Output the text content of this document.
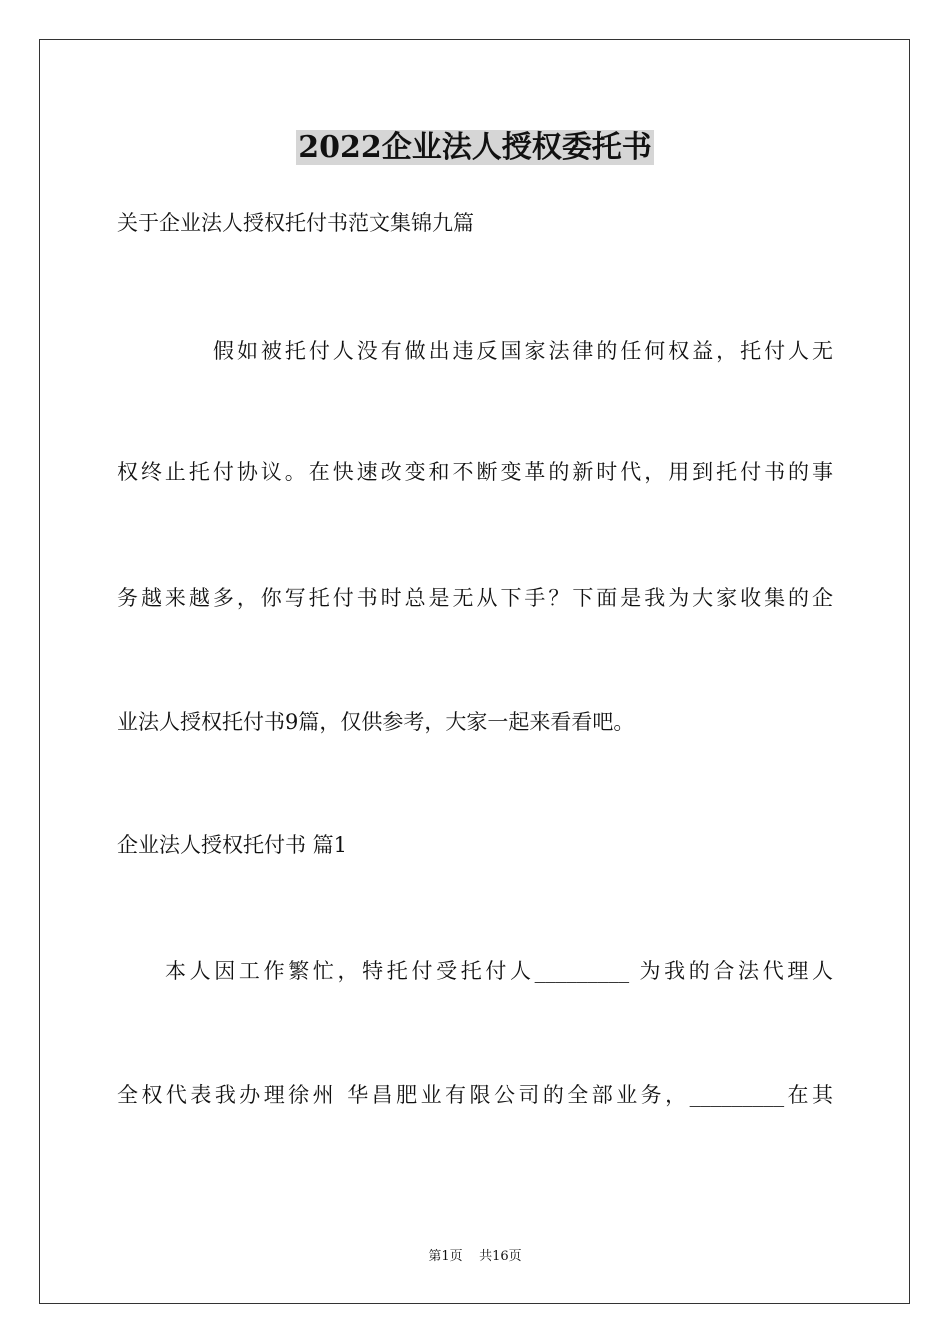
2022企业法人授权委托书
关于企业法人授权托付书范文集锦九篇
假如被托付人没有做出违反国家法律的任何权益，托付人无
权终止托付协议。在快速改变和不断变革的新时代，用到托付书的事
务越来越多，你写托付书时总是无从下手？下面是我为大家收集的企
业法人授权托付书9篇，仅供参考，大家一起来看看吧。
企业法人授权托付书 篇1
本人因工作繁忙，特托付受托付人_________ 为我的合法代理人
全权代表我办理徐州 华昌肥业有限公司的全部业务，_________在其
第1页 共16页
